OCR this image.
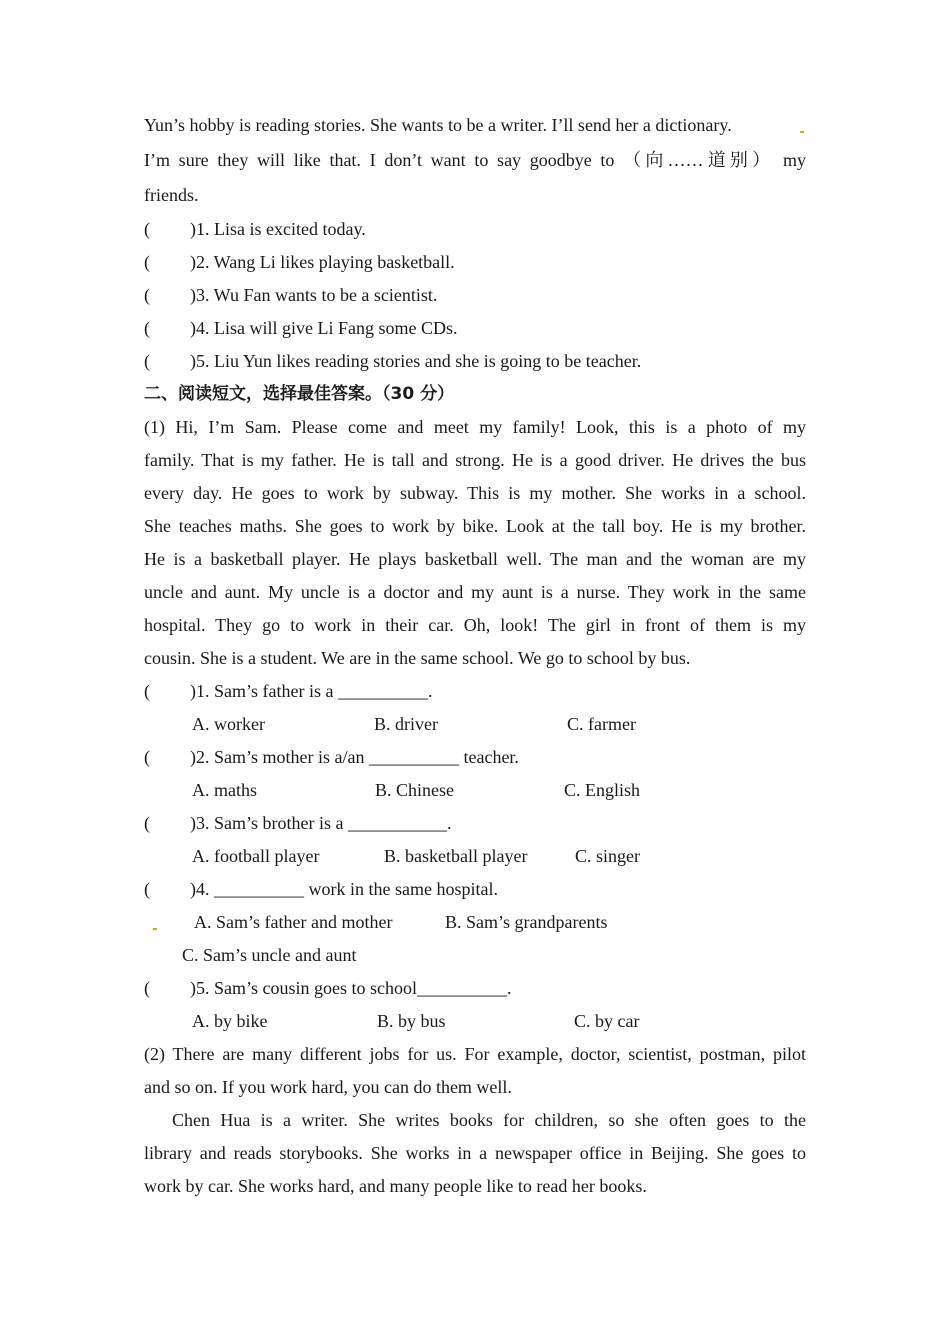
Yun’s hobby is reading stories. She wants to be a writer. I’ll send her a dictionary.
I’m sure they will like that. I don’t want to say goodbye to （向……道别） my
friends.
( )1. Lisa is excited today.
( )2. Wang Li likes playing basketball.
( )3. Wu Fan wants to be a scientist.
( )4. Lisa will give Li Fang some CDs.
( )5. Liu Yun likes reading stories and she is going to be teacher.
二、阅读短文，选择最佳答案。（30 分）
(1) Hi, I’m Sam. Please come and meet my family! Look, this is a photo of my
family. That is my father. He is tall and strong. He is a good driver. He drives the bus
every day. He goes to work by subway. This is my mother. She works in a school.
She teaches maths. She goes to work by bike. Look at the tall boy. He is my brother.
He is a basketball player. He plays basketball well. The man and the woman are my
uncle and aunt. My uncle is a doctor and my aunt is a nurse. They work in the same
hospital. They go to work in their car. Oh, look! The girl in front of them is my
cousin. She is a student. We are in the same school. We go to school by bus.
( )1. Sam’s father is a __________.
A. worker	B. driver	C. farmer
( )2. Sam’s mother is a/an __________ teacher.
A. maths	B. Chinese	C. English
( )3. Sam’s brother is a ___________.
A. football player	B. basketball player	C. singer
( )4. __________ work in the same hospital.
A. Sam’s father and mother	B. Sam’s grandparents
C. Sam’s uncle and aunt
( )5. Sam’s cousin goes to school__________.
A. by bike	B. by bus	C. by car
(2) There are many different jobs for us. For example, doctor, scientist, postman, pilot
and so on. If you work hard, you can do them well.
Chen Hua is a writer. She writes books for children, so she often goes to the
library and reads storybooks. She works in a newspaper office in Beijing. She goes to
work by car. She works hard, and many people like to read her books.
